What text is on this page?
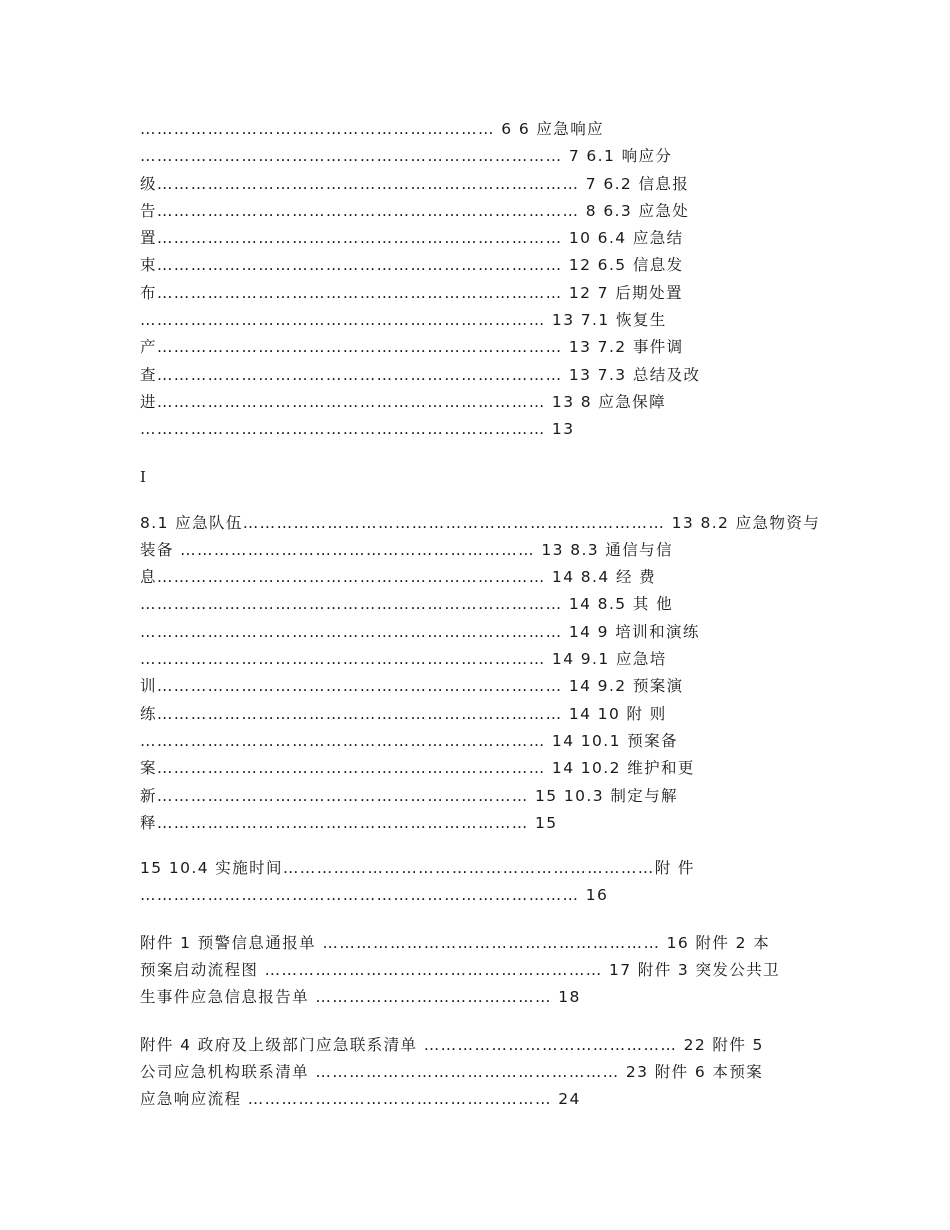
……………………………………………………… 6 6 应急响应
………………………………………………………………… 7 6.1 响应分
级………………………………………………………………… 7 6.2 信息报
告………………………………………………………………… 8 6.3 应急处
置……………………………………………………………… 10 6.4 应急结
束……………………………………………………………… 12 6.5 信息发
布……………………………………………………………… 12 7 后期处置
……………………………………………………………… 13 7.1 恢复生
产……………………………………………………………… 13 7.2 事件调
查……………………………………………………………… 13 7.3 总结及改
进…………………………………………………………… 13 8 应急保障
……………………………………………………………… 13
I
8.1 应急队伍………………………………………………………………… 13 8.2 应急物资与
装备 ……………………………………………………… 13 8.3 通信与信
息…………………………………………………………… 14 8.4 经 费
………………………………………………………………… 14 8.5 其 他
………………………………………………………………… 14 9 培训和演练
……………………………………………………………… 14 9.1 应急培
训……………………………………………………………… 14 9.2 预案演
练……………………………………………………………… 14 10 附 则
……………………………………………………………… 14 10.1 预案备
案…………………………………………………………… 14 10.2 维护和更
新………………………………………………………… 15 10.3 制定与解
释………………………………………………………… 15
15 10.4 实施时间…………………………………………………………附 件
…………………………………………………………………… 16
附件 1 预警信息通报单 …………………………………………………… 16 附件 2 本
预案启动流程图 …………………………………………………… 17 附件 3 突发公共卫
生事件应急信息报告单 …………………………………… 18
附件 4 政府及上级部门应急联系清单 ……………………………………… 22 附件 5
公司应急机构联系清单 ……………………………………………… 23 附件 6 本预案
应急响应流程 ……………………………………………… 24
